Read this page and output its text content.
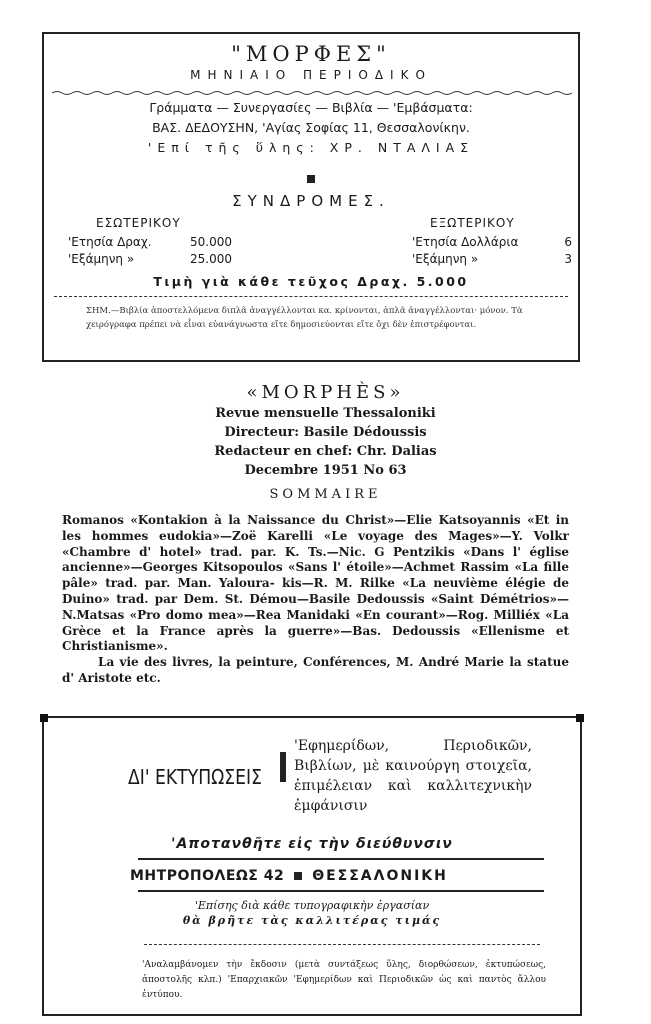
"ΜΟΡΦΕΣ"
ΜΗΝΙΑΙΟ ΠΕΡΙΟΔΙΚΟ
Γράμματα — Συνεργασίες — Βιβλία — 'Εμβάσματα:
ΒΑΣ. ΔΕΔΟΥΣΗΝ, 'Αγίας Σοφίας 11, Θεσσαλονίκην.
'Επί τῆς ὕλης: ΧΡ. ΝΤΑΛΙΑΣ
ΣΥΝΔΡΟΜΕΣ.
ΕΣΩΤΕΡΙΚΟΥ
'Ετησία Δραχ.	50.000
'Εξάμηνη »	25.000
ΕΞΩΤΕΡΙΚΟΥ
'Ετησία Δολλάρια	6
'Εξάμηνη »	3
Τιμὴ γιὰ κάθε τεῦχος Δραχ. 5.000
ΣΗΜ.—Βιβλία ἀποστελλόμενα διπλᾶ ἀναγγέλλονται κα. κρίνονται, ἁπλᾶ ἀναγγέλλονται· μόνον. Τὰ χειρόγραφα πρέπει νὰ εἶναι εὐανάγνωστα εἴτε δημοσιεύονται εἴτε ὄχι δὲν ἐπιστρέφονται.
«MORPHÈS»
Revue mensuelle Thessaloniki
Directeur: Basile Dédoussis
Redacteur en chef: Chr. Dalias
Decembre 1951 No 63
SOMMAIRE

Romanos «Kontakion à la Naissance du Christ»—Elie Katsoyannis «Et in les hommes eudokia»—Zoë Karelli «Le voyage des Mages»—Y. Volkr «Chambre d' hotel» trad. par. K. Ts.—Nic. G Pentzikis «Dans l' église ancienne»—Georges Kitsopoulos «Sans l' étoile»—Achmet Rassim «La fille pâle» trad. par. Man. Yaloura- kis—R. M. Rilke «La neuvième élégie de Duino» trad. par Dem. St. Démou—Basile Dedoussis «Saint Démétrios»—N.Matsas «Pro domo mea»—Rea Manidaki «En courant»—Rog. Milliéx «La Grèce et la France après la guerre»—Bas. Dedoussis «Ellenisme et Christianisme».

La vie des livres, la peinture, Conférences, M. André Marie la statue d' Aristote etc.

ΔΙ' ΕΚΤΥΠΩΣΕΙΣ
'Εφημερίδων, Περιοδικῶν, Βιβλίων, μὲ καινούργη στοιχεῖα, ἐπιμέλειαν καὶ καλλιτεχνικὴν ἐμφάνισιν
'Αποτανθῆτε εἰς τὴν διεύθυνσιν
ΜΗΤΡΟΠΟΛΕΩΣ 42 ΘΕΣΣΑΛΟΝΙΚΗ
'Επίσης διὰ κάθε τυπογραφικὴν ἐργασίαν
θὰ βρῆτε τὰς καλλιτέρας τιμάς
'Αναλαμβάνομεν τὴν ἔκδοσιν (μετὰ συντάξεως ὕλης, διορθώσεων, ἐκτυπώσεως, ἀποστολῆς κλπ.) 'Επαρχιακῶν 'Εφημερίδων καὶ Περιοδικῶν ὡς καὶ παντὸς ἄλλου ἐντύπου.
